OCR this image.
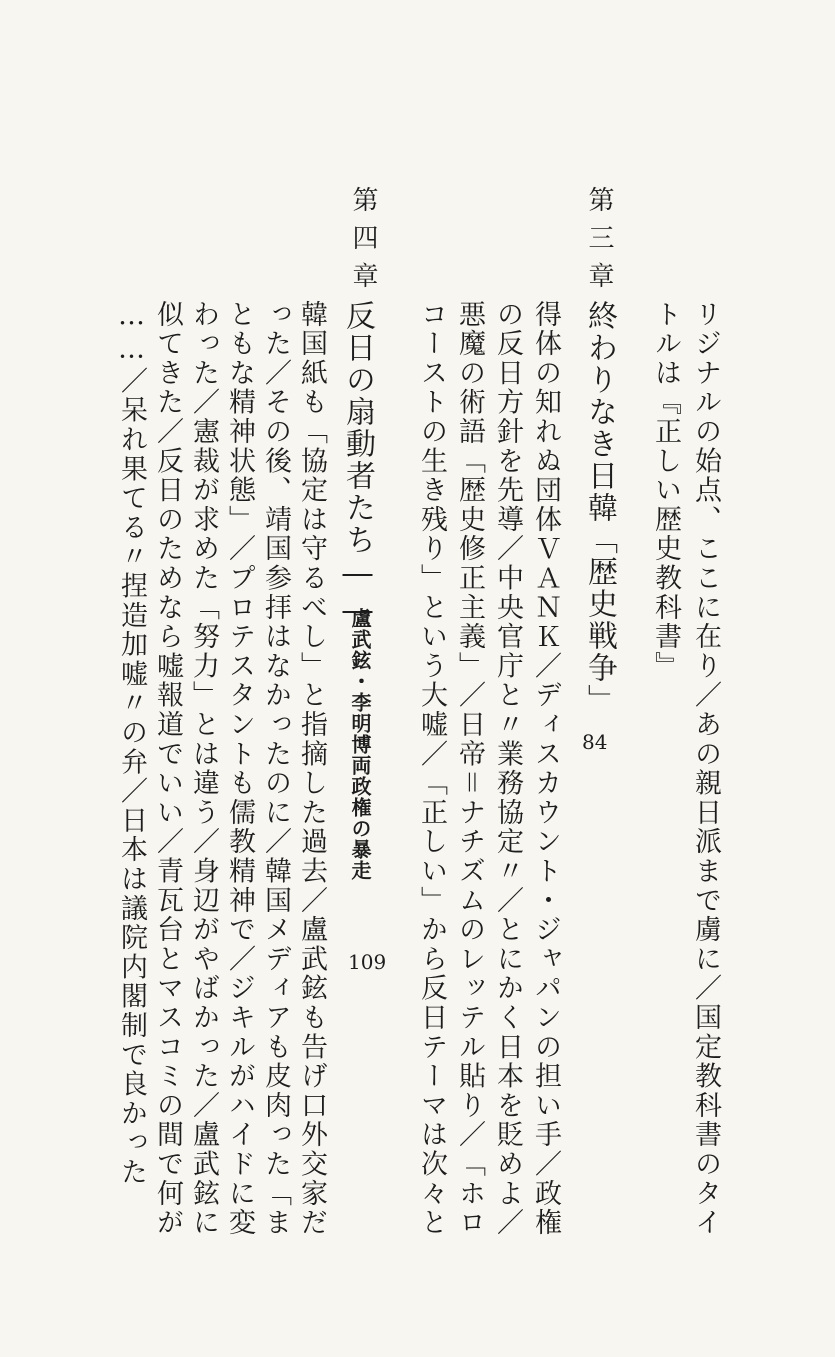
リジナルの始点、ここに在り／あの親日派まで虜に／国定教科書のタイ

トルは『正しい歴史教科書』

第三章
終わりなき日韓「歴史戦争」
84

得体の知れぬ団体ＶＡＮＫ／ディスカウント・ジャパンの担い手／政権

の反日方針を先導／中央官庁と〃業務協定〃／とにかく日本を貶めよ／

悪魔の術語「歴史修正主義」／日帝＝ナチズムのレッテル貼り／「ホロ

コーストの生き残り」という大嘘／「正しい」から反日テーマは次々と

第四章
反日の扇動者たち――
盧武鉉・李明博両政権の暴走
109

韓国紙も「協定は守るべし」と指摘した過去／盧武鉉も告げ口外交家だ

った／その後、靖国参拝はなかったのに／韓国メディアも皮肉った「ま

ともな精神状態」／プロテスタントも儒教精神で／ジキルがハイドに変

わった／憲裁が求めた「努力」とは違う／身辺がやばかった／盧武鉉に

似てきた／反日のためなら嘘報道でいい／青瓦台とマスコミの間で何が

……／呆れ果てる〃捏造加嘘〃の弁／日本は議院内閣制で良かった
